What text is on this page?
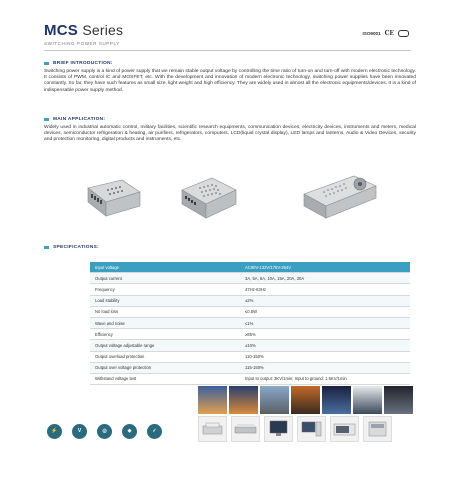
MCS Series
SWITCHING POWER SUPPLY
ISO9001 CE
BRIEF INTRODUCTION:
Switching power supply is a kind of power supply that we remain stable output voltage by controlling the time ratio of turn-on and turn-off with modern electronic technology. It consists of PWM, control IC and MOSFET, etc. With the development and innovation of modern electronic technology, switching power supplies have been innovated constantly. So far, they have such features as small size, light weight and high efficiency. They are widely used in almost all the electronic equipments/devices. It is a kind of indispensable power supply method.
MAIN APPLICATION:
Widely used in industrial automatic control, military facilities, scientific research equipments, communication devices, electricity devices, instruments and meters, medical devices, semiconductor refrigeration & heating, air purifiers, refrigerators, computers, LCD(liquid crystal display), LED lamps and lanterns, Audio & Video Devices, security and protection monitoring, digital products and instruments, etc.
SPECIFICATIONS:
Input voltage	AC90V-132V/176V-264V
Output current	3A, 5A, 8A, 10A, 15A, 20A, 30A
Frequency	47Hz-63Hz
Load stability	±2%
No load loss	≤0.5W
Wave and noise	≤1%
Efficiency	≥85%
Output voltage adjustable range	±10%
Output overload protection	110-150%
Output over voltage protection	115-150%
Withstand voltage test	Input to output: 3KV/1min; Input to ground: 1.5KV/1min
⚡	V	◎	◈	✓
